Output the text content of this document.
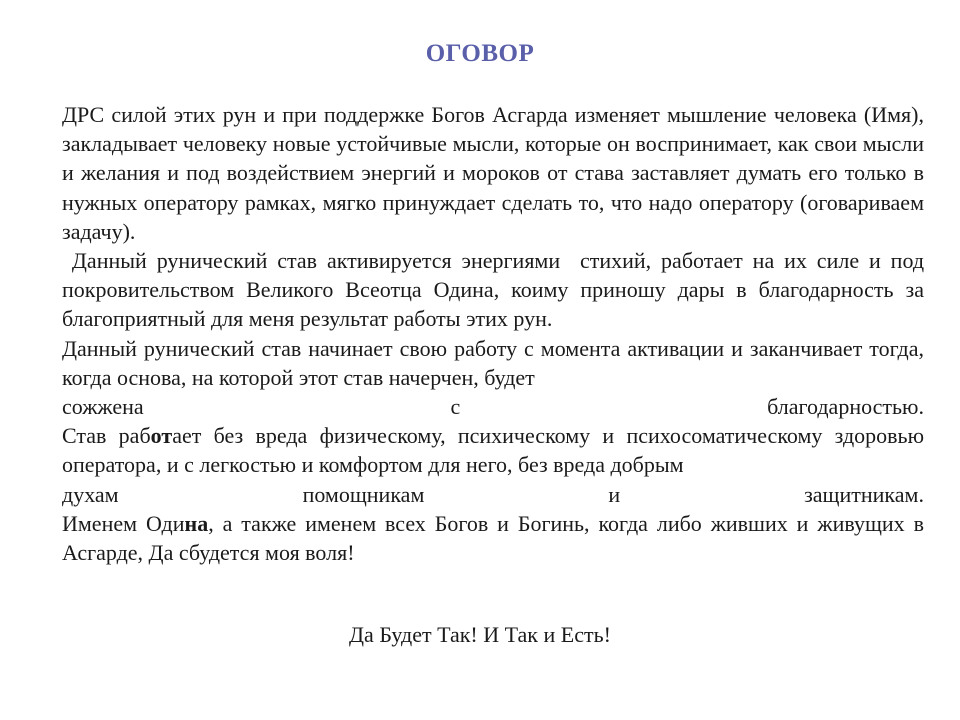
ОГОВОР

ДРС силой этих рун и при поддержке Богов Асгарда изменяет мышление человека (Имя), закладывает человеку новые устойчивые мысли, которые он воспринимает, как свои мысли и желания и под воздействием энергий и мороков от става заставляет думать его только в нужных оператору рамках, мягко принуждает сделать то, что надо оператору (оговариваем задачу).

Данный рунический став активируется энергиями  стихий, работает на их силе и под покровительством Великого Всеотца Одина, коиму приношу дары в благодарность за благоприятный для меня результат работы этих рун.

Данный рунический став начинает свою работу с момента активации и заканчивает тогда, когда основа, на которой этот став начерчен, будет

сожжена	с	благодарностью.

Став работает без вреда физическому, психическому и психосоматическому здоровью оператора, и с легкостью и комфортом для него, без вреда добрым

духам	помощникам	и	защитникам.

Именем Одина, а также именем всех Богов и Богинь, когда либо живших и живущих в Асгарде, Да сбудется моя воля!

Да Будет Так! И Так и Есть!
